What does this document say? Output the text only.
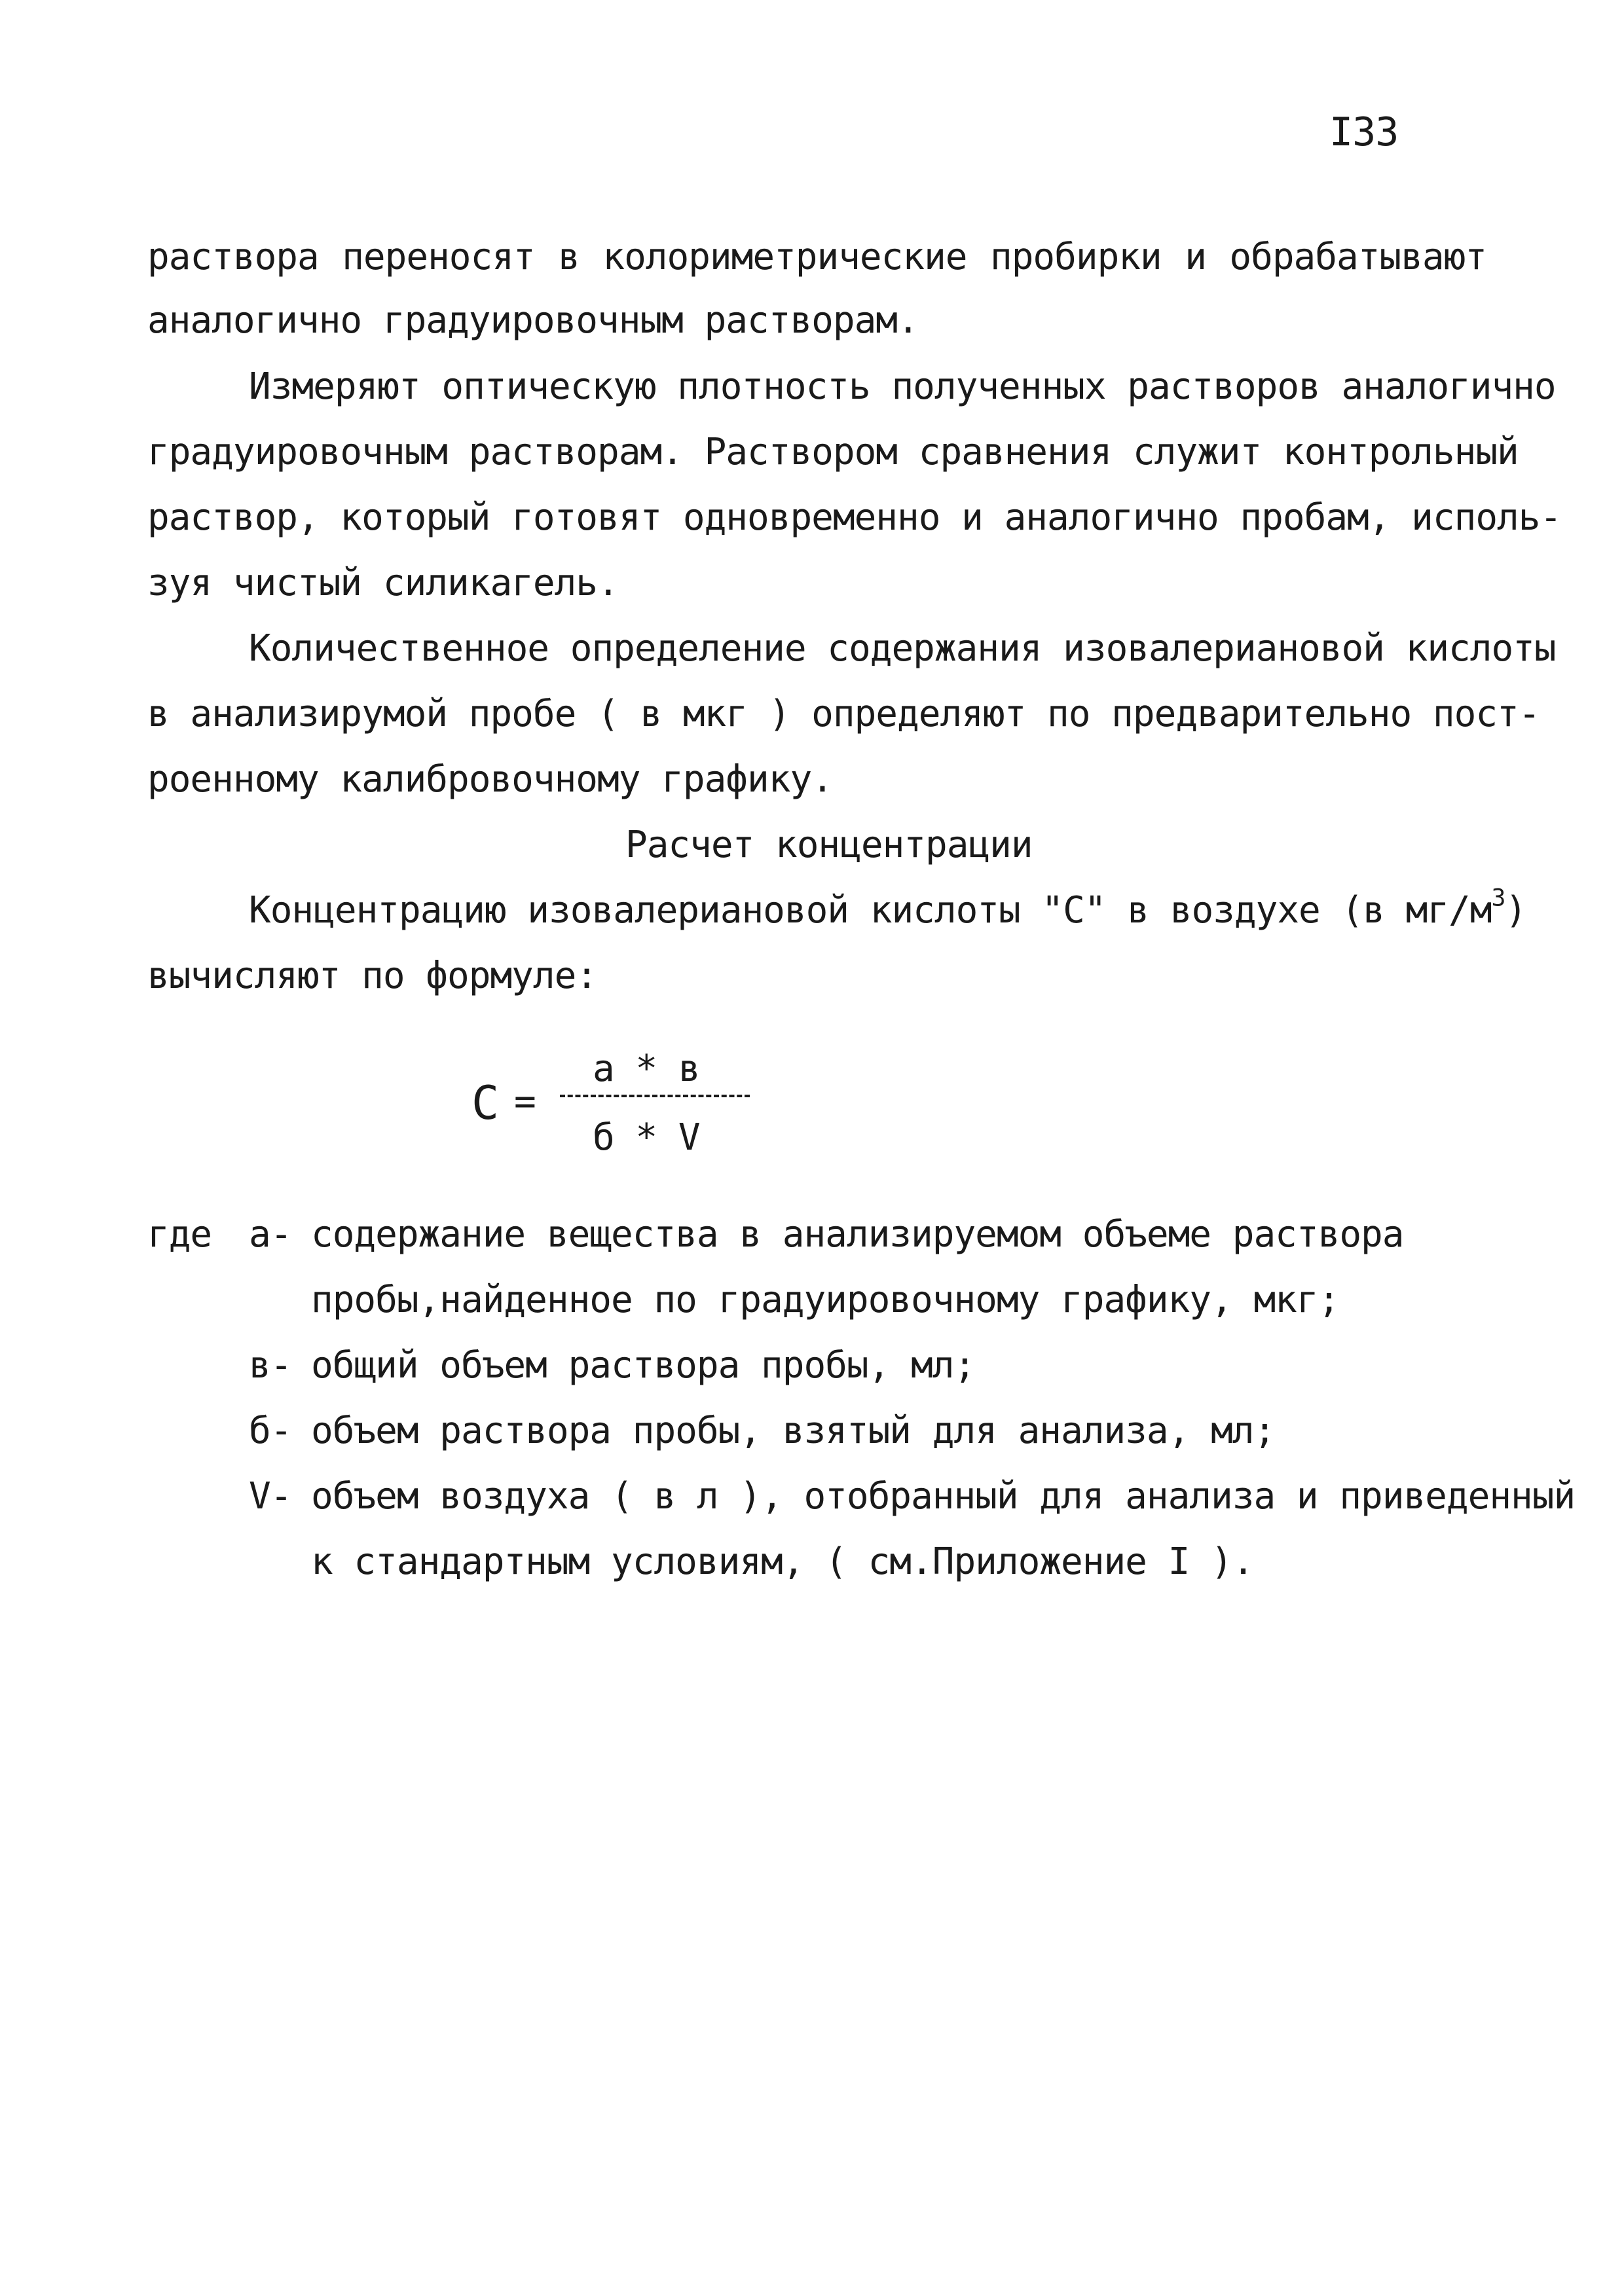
I33
раствора переносят в колориметрические пробирки и обрабатывают
аналогично градуировочным растворам.
Измеряют оптическую плотность полученных растворов аналогично
градуировочным растворам. Раствором сравнения служит контрольный
раствор, который готовят одновременно и аналогично пробам, исполь-
зуя чистый силикагель.
Количественное определение содержания изовалериановой кислоты
в анализирумой пробе ( в мкг ) определяют по предварительно пост-
роенному калибровочному графику.
Расчет концентрации
Концентрацию изовалериановой кислоты "С" в воздухе (в $мг/м^3$)
вычисляют по формуле:
а * в
C =
б * V
где а- содержание вещества в анализируемом объеме раствора
пробы,найденное по градуировочному графику, мкг;
в- общий объем раствора пробы, мл;
б- объем раствора пробы, взятый для анализа, мл;
V- объем воздуха ( в л ), отобранный для анализа и приведенный
к стандартным условиям, ( см.Приложение I ).
